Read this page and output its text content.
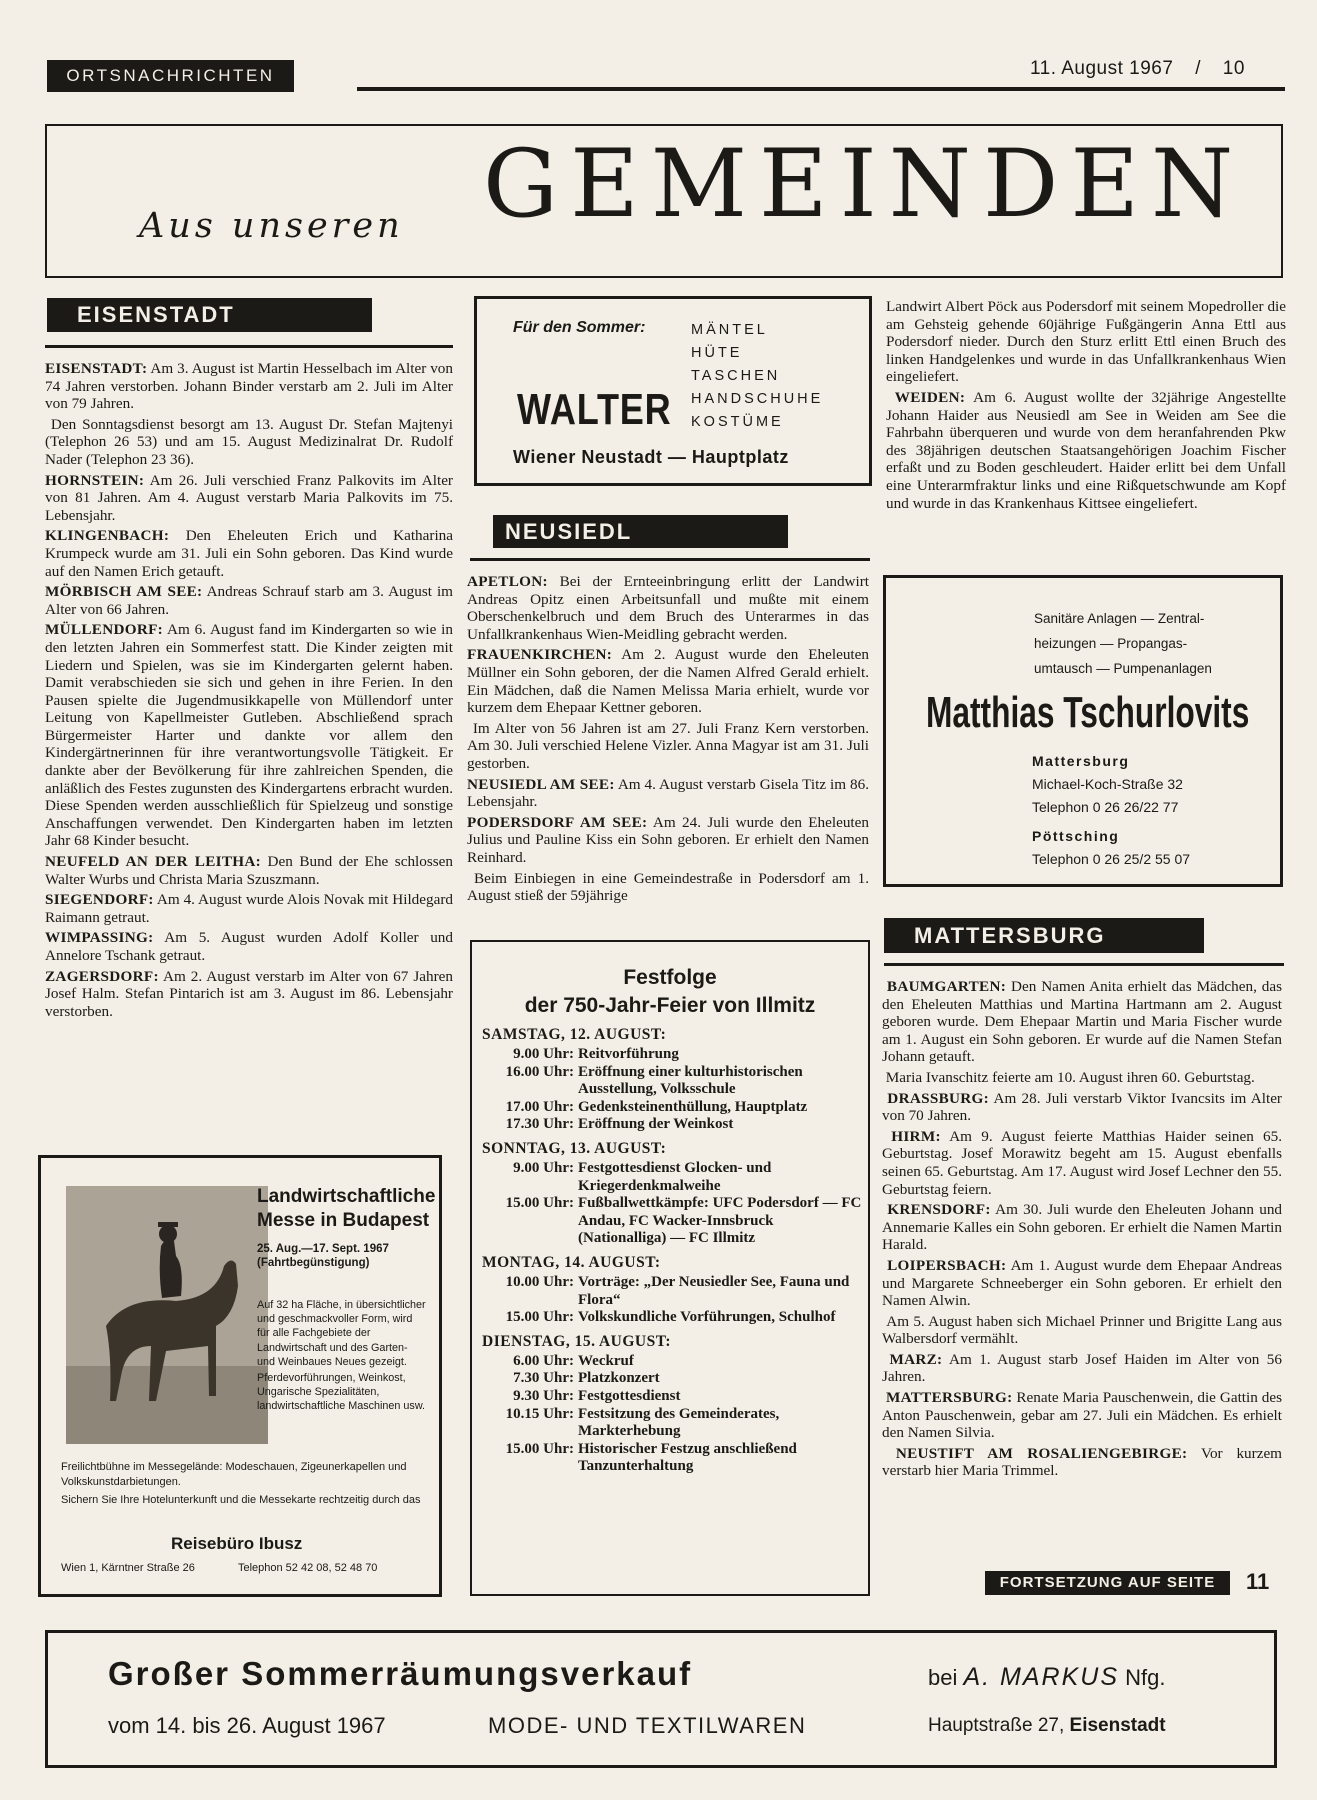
ORTSNACHRICHTEN	11. August 1967 / 10
Aus unseren GEMEINDEN
EISENSTADT

EISENSTADT: Am 3. August ist Martin Hesselbach im Alter von 74 Jahren verstorben. Johann Binder verstarb am 2. Juli im Alter von 79 Jahren.

Den Sonntagsdienst besorgt am 13. August Dr. Stefan Majtenyi (Telephon 26 53) und am 15. August Medizinalrat Dr. Rudolf Nader (Telephon 23 36).

HORNSTEIN: Am 26. Juli verschied Franz Palkovits im Alter von 81 Jahren. Am 4. August verstarb Maria Palkovits im 75. Lebensjahr.

KLINGENBACH: Den Eheleuten Erich und Katharina Krumpeck wurde am 31. Juli ein Sohn geboren. Das Kind wurde auf den Namen Erich getauft.

MÖRBISCH AM SEE: Andreas Schrauf starb am 3. August im Alter von 66 Jahren.

MÜLLENDORF: Am 6. August fand im Kindergarten so wie in den letzten Jahren ein Sommerfest statt. Die Kinder zeigten mit Liedern und Spielen, was sie im Kindergarten gelernt haben. Damit verabschieden sie sich und gehen in ihre Ferien. In den Pausen spielte die Jugendmusikkapelle von Müllendorf unter Leitung von Kapellmeister Gutleben. Abschließend sprach Bürgermeister Harter und dankte vor allem den Kindergärtnerinnen für ihre verantwortungsvolle Tätigkeit. Er dankte aber der Bevölkerung für ihre zahlreichen Spenden, die anläßlich des Festes zugunsten des Kindergartens erbracht wurden. Diese Spenden werden ausschließlich für Spielzeug und sonstige Anschaffungen verwendet. Den Kindergarten haben im letzten Jahr 68 Kinder besucht.

NEUFELD AN DER LEITHA: Den Bund der Ehe schlossen Walter Wurbs und Christa Maria Szuszmann.

SIEGENDORF: Am 4. August wurde Alois Novak mit Hildegard Raimann getraut.

WIMPASSING: Am 5. August wurden Adolf Koller und Annelore Tschank getraut.

ZAGERSDORF: Am 2. August verstarb im Alter von 67 Jahren Josef Halm. Stefan Pintarich ist am 3. August im 86. Lebensjahr verstorben.

Landwirtschaftliche
Messe in Budapest
25. Aug.—17. Sept. 1967
(Fahrtbegünstigung)
Auf 32 ha Fläche, in übersichtlicher und geschmackvoller Form, wird für alle Fachgebiete der Landwirtschaft und des Garten- und Weinbaues Neues gezeigt.
Pferdevorführungen, Weinkost, Ungarische Spezialitäten, landwirtschaftliche Maschinen usw.
Freilichtbühne im Messegelände: Modeschauen, Zigeunerkapellen und Volkskunstdarbietungen.
Sichern Sie Ihre Hotelunterkunft und die Messekarte rechtzeitig durch das
Reisebüro Ibusz
Wien 1, Kärntner Straße 26	Telephon 52 42 08, 52 48 70
Für den Sommer:	MÄNTEL
HÜTE
TASCHEN
HANDSCHUHE
KOSTÜME
WALTER
Wiener Neustadt — Hauptplatz
NEUSIEDL

APETLON: Bei der Ernteeinbringung erlitt der Landwirt Andreas Opitz einen Arbeitsunfall und mußte mit einem Oberschenkelbruch und dem Bruch des Unterarmes in das Unfallkrankenhaus Wien-Meidling gebracht werden.

FRAUENKIRCHEN: Am 2. August wurde den Eheleuten Müllner ein Sohn geboren, der die Namen Alfred Gerald erhielt. Ein Mädchen, daß die Namen Melissa Maria erhielt, wurde vor kurzem dem Ehepaar Kettner geboren.

Im Alter von 56 Jahren ist am 27. Juli Franz Kern verstorben. Am 30. Juli verschied Helene Vizler. Anna Magyar ist am 31. Juli gestorben.

NEUSIEDL AM SEE: Am 4. August verstarb Gisela Titz im 86. Lebensjahr.

PODERSDORF AM SEE: Am 24. Juli wurde den Eheleuten Julius und Pauline Kiss ein Sohn geboren. Er erhielt den Namen Reinhard.

Beim Einbiegen in eine Gemeindestraße in Podersdorf am 1. August stieß der 59jährige

Festfolge
der 750-Jahr-Feier von Illmitz
SAMSTAG, 12. AUGUST:
9.00 Uhr:	Reitvorführung
16.00 Uhr:	Eröffnung einer kulturhistorischen Ausstellung, Volksschule
17.00 Uhr:	Gedenksteinenthüllung, Hauptplatz
17.30 Uhr:	Eröffnung der Weinkost
SONNTAG, 13. AUGUST:
9.00 Uhr:	Festgottesdienst Glocken- und Kriegerdenkmalweihe
15.00 Uhr:	Fußballwettkämpfe: UFC Podersdorf — FC Andau, FC Wacker-Innsbruck (Nationalliga) — FC Illmitz
MONTAG, 14. AUGUST:
10.00 Uhr:	Vorträge: „Der Neusiedler See, Fauna und Flora“
15.00 Uhr:	Volkskundliche Vorführungen, Schulhof
DIENSTAG, 15. AUGUST:
6.00 Uhr:	Weckruf
7.30 Uhr:	Platzkonzert
9.30 Uhr:	Festgottesdienst
10.15 Uhr:	Festsitzung des Gemeinderates, Markterhebung
15.00 Uhr:	Historischer Festzug anschließend Tanzunterhaltung

Landwirt Albert Pöck aus Podersdorf mit seinem Mopedroller die am Gehsteig gehende 60jährige Fußgängerin Anna Ettl aus Podersdorf nieder. Durch den Sturz erlitt Ettl einen Bruch des linken Handgelenkes und wurde in das Unfallkrankenhaus Wien eingeliefert.

WEIDEN: Am 6. August wollte der 32jährige Angestellte Johann Haider aus Neusiedl am See in Weiden am See die Fahrbahn überqueren und wurde von dem heranfahrenden Pkw des 38jährigen deutschen Staatsangehörigen Joachim Fischer erfaßt und zu Boden geschleudert. Haider erlitt bei dem Unfall eine Unterarmfraktur links und eine Rißquetschwunde am Kopf und wurde in das Krankenhaus Kittsee eingeliefert.

Sanitäre Anlagen — Zentral-
heizungen — Propangas-
umtausch — Pumpenanlagen
Matthias Tschurlovits
Mattersburg
Michael-Koch-Straße 32
Telephon 0 26 26/22 77
Pöttsching
Telephon 0 26 25/2 55 07
MATTERSBURG

BAUMGARTEN: Den Namen Anita erhielt das Mädchen, das den Eheleuten Matthias und Martina Hartmann am 2. August geboren wurde. Dem Ehepaar Martin und Maria Fischer wurde am 1. August ein Sohn geboren. Er wurde auf die Namen Stefan Johann getauft.

Maria Ivanschitz feierte am 10. August ihren 60. Geburtstag.

DRASSBURG: Am 28. Juli verstarb Viktor Ivancsits im Alter von 70 Jahren.

HIRM: Am 9. August feierte Matthias Haider seinen 65. Geburtstag. Josef Morawitz begeht am 15. August ebenfalls seinen 65. Geburtstag. Am 17. August wird Josef Lechner den 55. Geburtstag feiern.

KRENSDORF: Am 30. Juli wurde den Eheleuten Johann und Annemarie Kalles ein Sohn geboren. Er erhielt die Namen Martin Harald.

LOIPERSBACH: Am 1. August wurde dem Ehepaar Andreas und Margarete Schneeberger ein Sohn geboren. Er erhielt den Namen Alwin.

Am 5. August haben sich Michael Prinner und Brigitte Lang aus Walbersdorf vermählt.

MARZ: Am 1. August starb Josef Haiden im Alter von 56 Jahren.

MATTERSBURG: Renate Maria Pauschenwein, die Gattin des Anton Pauschenwein, gebar am 27. Juli ein Mädchen. Es erhielt den Namen Silvia.

NEUSTIFT AM ROSALIENGEBIRGE: Vor kurzem verstarb hier Maria Trimmel.

FORTSETZUNG AUF SEITE	11
Großer Sommerräumungsverkauf
vom 14. bis 26. August 1967	MODE- UND TEXTILWAREN
bei A. MARKUS Nfg.
Hauptstraße 27, Eisenstadt
